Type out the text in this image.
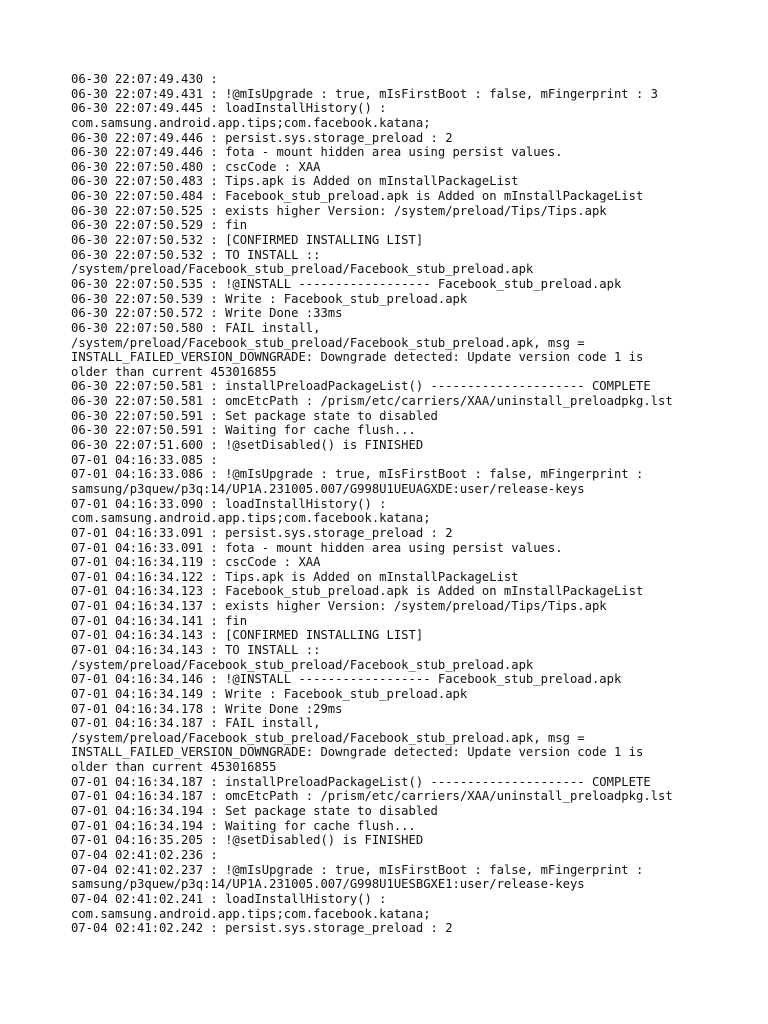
06-30 22:07:49.430 :
06-30 22:07:49.431 : !@mIsUpgrade : true, mIsFirstBoot : false, mFingerprint : 3
06-30 22:07:49.445 : loadInstallHistory() :
com.samsung.android.app.tips;com.facebook.katana;
06-30 22:07:49.446 : persist.sys.storage_preload : 2
06-30 22:07:49.446 : fota - mount hidden area using persist values.
06-30 22:07:50.480 : cscCode : XAA
06-30 22:07:50.483 : Tips.apk is Added on mInstallPackageList
06-30 22:07:50.484 : Facebook_stub_preload.apk is Added on mInstallPackageList
06-30 22:07:50.525 : exists higher Version: /system/preload/Tips/Tips.apk
06-30 22:07:50.529 : fin
06-30 22:07:50.532 : [CONFIRMED INSTALLING LIST]
06-30 22:07:50.532 : TO INSTALL ::
/system/preload/Facebook_stub_preload/Facebook_stub_preload.apk
06-30 22:07:50.535 : !@INSTALL ------------------ Facebook_stub_preload.apk
06-30 22:07:50.539 : Write : Facebook_stub_preload.apk
06-30 22:07:50.572 : Write Done :33ms
06-30 22:07:50.580 : FAIL install,
/system/preload/Facebook_stub_preload/Facebook_stub_preload.apk, msg =
INSTALL_FAILED_VERSION_DOWNGRADE: Downgrade detected: Update version code 1 is
older than current 453016855
06-30 22:07:50.581 : installPreloadPackageList() --------------------- COMPLETE
06-30 22:07:50.581 : omcEtcPath : /prism/etc/carriers/XAA/uninstall_preloadpkg.lst
06-30 22:07:50.591 : Set package state to disabled
06-30 22:07:50.591 : Waiting for cache flush...
06-30 22:07:51.600 : !@setDisabled() is FINISHED
07-01 04:16:33.085 :
07-01 04:16:33.086 : !@mIsUpgrade : true, mIsFirstBoot : false, mFingerprint :
samsung/p3quew/p3q:14/UP1A.231005.007/G998U1UEUAGXDE:user/release-keys
07-01 04:16:33.090 : loadInstallHistory() :
com.samsung.android.app.tips;com.facebook.katana;
07-01 04:16:33.091 : persist.sys.storage_preload : 2
07-01 04:16:33.091 : fota - mount hidden area using persist values.
07-01 04:16:34.119 : cscCode : XAA
07-01 04:16:34.122 : Tips.apk is Added on mInstallPackageList
07-01 04:16:34.123 : Facebook_stub_preload.apk is Added on mInstallPackageList
07-01 04:16:34.137 : exists higher Version: /system/preload/Tips/Tips.apk
07-01 04:16:34.141 : fin
07-01 04:16:34.143 : [CONFIRMED INSTALLING LIST]
07-01 04:16:34.143 : TO INSTALL ::
/system/preload/Facebook_stub_preload/Facebook_stub_preload.apk
07-01 04:16:34.146 : !@INSTALL ------------------ Facebook_stub_preload.apk
07-01 04:16:34.149 : Write : Facebook_stub_preload.apk
07-01 04:16:34.178 : Write Done :29ms
07-01 04:16:34.187 : FAIL install,
/system/preload/Facebook_stub_preload/Facebook_stub_preload.apk, msg =
INSTALL_FAILED_VERSION_DOWNGRADE: Downgrade detected: Update version code 1 is
older than current 453016855
07-01 04:16:34.187 : installPreloadPackageList() --------------------- COMPLETE
07-01 04:16:34.187 : omcEtcPath : /prism/etc/carriers/XAA/uninstall_preloadpkg.lst
07-01 04:16:34.194 : Set package state to disabled
07-01 04:16:34.194 : Waiting for cache flush...
07-01 04:16:35.205 : !@setDisabled() is FINISHED
07-04 02:41:02.236 :
07-04 02:41:02.237 : !@mIsUpgrade : true, mIsFirstBoot : false, mFingerprint :
samsung/p3quew/p3q:14/UP1A.231005.007/G998U1UESBGXE1:user/release-keys
07-04 02:41:02.241 : loadInstallHistory() :
com.samsung.android.app.tips;com.facebook.katana;
07-04 02:41:02.242 : persist.sys.storage_preload : 2
